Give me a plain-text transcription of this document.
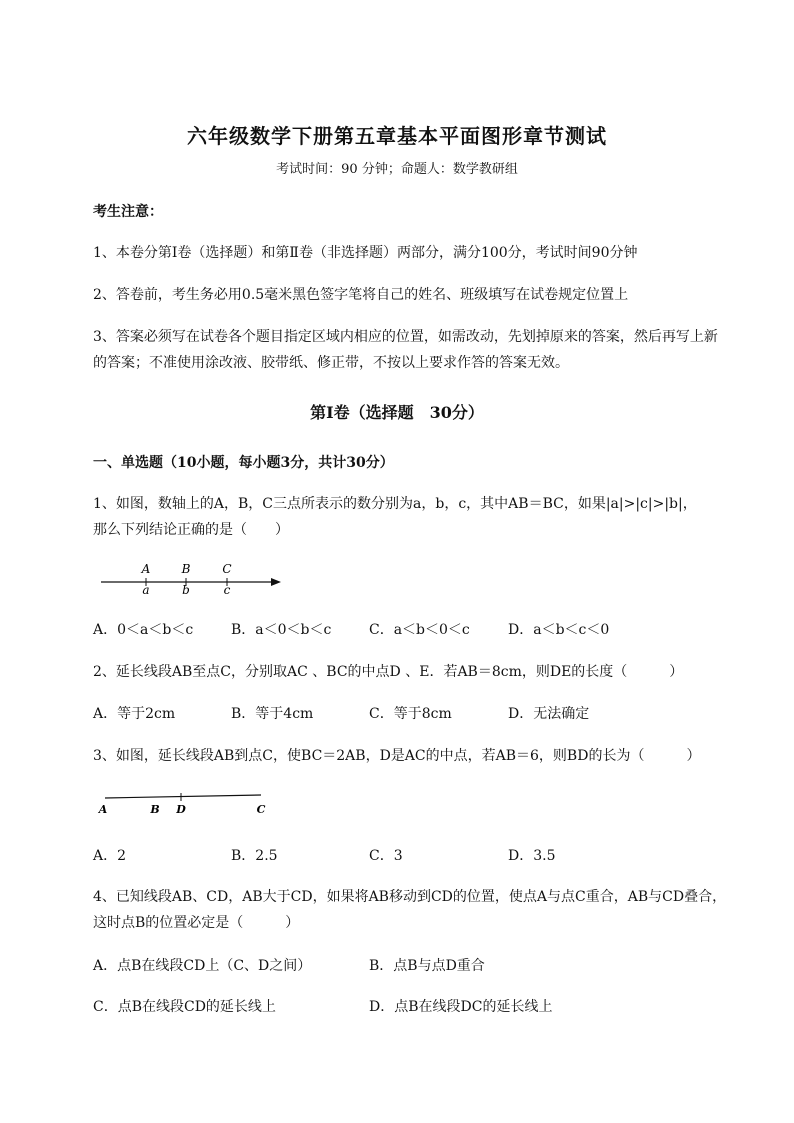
六年级数学下册第五章基本平面图形章节测试
考试时间：90 分钟；命题人：数学教研组
考生注意：
1、本卷分第I卷（选择题）和第Ⅱ卷（非选择题）两部分，满分100分，考试时间90分钟
2、答卷前，考生务必用0.5毫米黑色签字笔将自己的姓名、班级填写在试卷规定位置上
3、答案必须写在试卷各个题目指定区域内相应的位置，如需改动，先划掉原来的答案，然后再写上新
的答案；不准使用涂改液、胶带纸、修正带，不按以上要求作答的答案无效。
第I卷（选择题　30分）
一、单选题（10小题，每小题3分，共计30分）
1、如图，数轴上的A，B，C三点所表示的数分别为a，b，c，其中AB＝BC，如果|a|>|c|>|b|，
那么下列结论正确的是（　　）
A	B	C
a	b	c
A．0＜a＜b＜c	B．a＜0＜b＜c	C．a＜b＜0＜c	D．a＜b＜c＜0
2、延长线段AB至点C，分别取AC 、BC的中点D 、E．若AB＝8cm，则DE的长度（　　　）
A．等于2cm	B．等于4cm	C．等于8cm	D．无法确定
3、如图，延长线段AB到点C，使BC＝2AB，D是AC的中点，若AB＝6，则BD的长为（　　　）
A	B D	C
A．2	B．2.5	C．3	D．3.5
4、已知线段AB、CD，AB大于CD，如果将AB移动到CD的位置，使点A与点C重合，AB与CD叠合，
这时点B的位置必定是（　　　）
A．点B在线段CD上（C、D之间）	B．点B与点D重合
C．点B在线段CD的延长线上	D．点B在线段DC的延长线上
